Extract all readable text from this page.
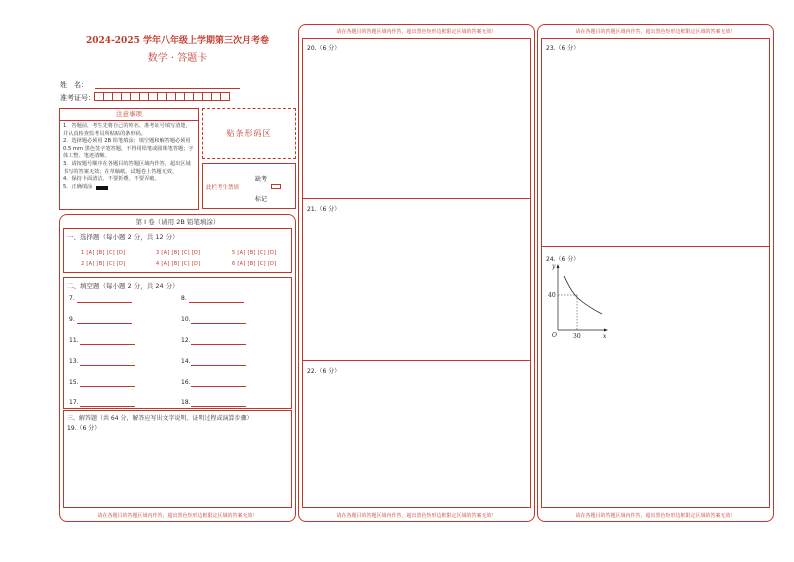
2024-2025 学年八年级上学期第三次月考卷
数学 · 答题卡
姓　名：
准考证号：
注意事项
1．答题前，考生先将自己的姓名、准考证号填写清楚，并认真检查监考员所粘贴的条形码。
2．选择题必须用 2B 铅笔填涂；填空题和解答题必须用 0.5 mm 黑色签字笔答题，不得用铅笔或圆珠笔答题；字体工整、笔迹清晰。
3．请按题号顺序在各题目的答题区域内作答，超出区域书写的答案无效；在草稿纸、试题卷上答题无效。
4．保持卡面清洁，不要折叠、不要弄破。
5．正确填涂
贴条形码区
缺考
此栏考生禁填
标记
第 I 卷（请用 2B 铅笔填涂）
一、选择题（每小题 2 分，共 12 分）
1 [A] [B] [C] [D]	3 [A] [B] [C] [D]	5 [A] [B] [C] [D]
2 [A] [B] [C] [D]	4 [A] [B] [C] [D]	6 [A] [B] [C] [D]
二、填空题（每小题 2 分，共 24 分）
7.	8.
9.	10.
11.	12.
13.	14.
15.	16.
17.	18.
三、解答题（共 64 分，解答应写出文字说明、证明过程或演算步骤）
19.（6 分）
请在各题目的答题区域内作答，超出黑色矩形边框限定区域的答案无效！
请在各题目的答题区域内作答，超出黑色矩形边框限定区域的答案无效！
20.（6 分）
21.（6 分）
22.（6 分）
请在各题目的答题区域内作答，超出黑色矩形边框限定区域的答案无效！
请在各题目的答题区域内作答，超出黑色矩形边框限定区域的答案无效！
23.（6 分）
24.（6 分）
y
x
O
40
30
请在各题目的答题区域内作答，超出黑色矩形边框限定区域的答案无效！
